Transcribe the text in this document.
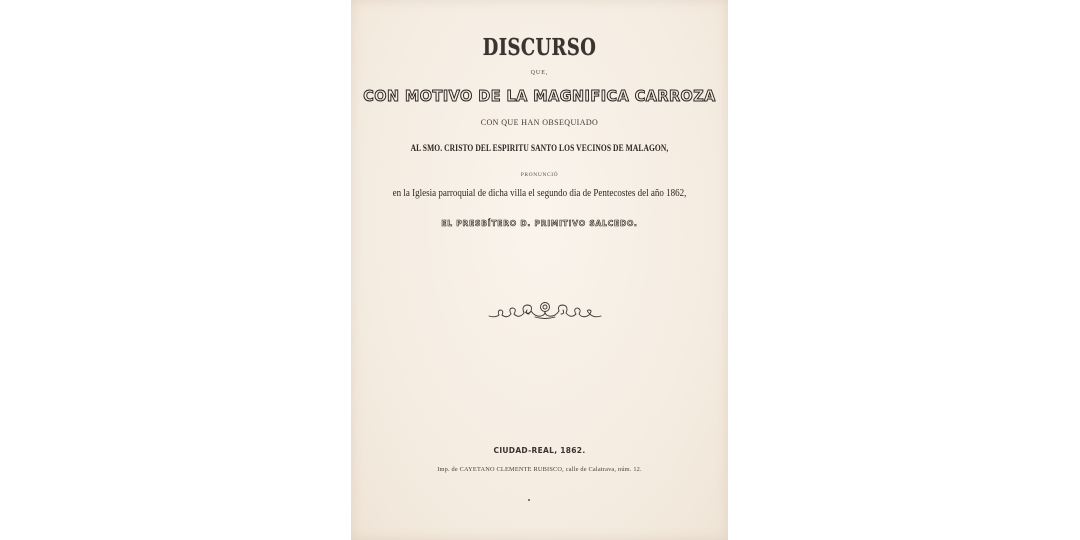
DISCURSO
QUE,
CON MOTIVO DE LA MAGNIFICA CARROZA
CON QUE HAN OBSEQUIADO
AL SMO. CRISTO DEL ESPIRITU SANTO LOS VECINOS DE MALAGON,
PRONUNCIÓ
en la Iglesia parroquial de dicha villa el segundo dia de Pentecostes del año 1862,
EL PRESBÍTERO D. PRIMITIVO SALCEDO.
CIUDAD-REAL, 1862.
Imp. de CAYETANO CLEMENTE RUBISCO, calle de Calatrava, núm. 12.
